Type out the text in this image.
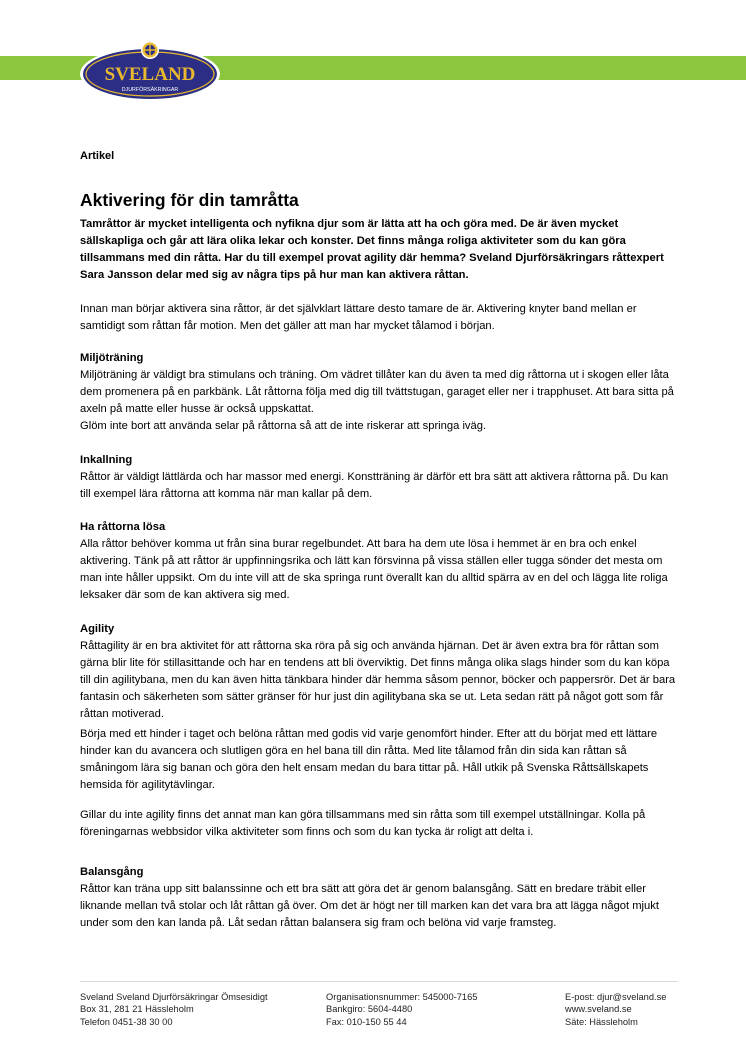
SVELAND
DJURFÖRSÄKRINGAR
Artikel
Aktivering för din tamråtta

Tamråttor är mycket intelligenta och nyfikna djur som är lätta att ha och göra med. De är även mycket sällskapliga och går att lära olika lekar och konster. Det finns många roliga aktiviteter som du kan göra tillsammans med din råtta. Har du till exempel provat agility där hemma? Sveland Djurförsäkringars råttexpert Sara Jansson delar med sig av några tips på hur man kan aktivera råttan.

Innan man börjar aktivera sina råttor, är det självklart lättare desto tamare de är. Aktivering knyter band mellan er samtidigt som råttan får motion. Men det gäller att man har mycket tålamod i början.

Miljöträning

Miljöträning är väldigt bra stimulans och träning. Om vädret tillåter kan du även ta med dig råttorna ut i skogen eller låta dem promenera på en parkbänk. Låt råttorna följa med dig till tvättstugan, garaget eller ner i trapphuset. Att bara sitta på axeln på matte eller husse är också uppskattat.

Glöm inte bort att använda selar på råttorna så att de inte riskerar att springa iväg.

Inkallning

Råttor är väldigt lättlärda och har massor med energi. Konstträning är därför ett bra sätt att aktivera råttorna på. Du kan till exempel lära råttorna att komma när man kallar på dem.

Ha råttorna lösa

Alla råttor behöver komma ut från sina burar regelbundet. Att bara ha dem ute lösa i hemmet är en bra och enkel aktivering. Tänk på att råttor är uppfinningsrika och lätt kan försvinna på vissa ställen eller tugga sönder det mesta om man inte håller uppsikt. Om du inte vill att de ska springa runt överallt kan du alltid spärra av en del och lägga lite roliga leksaker där som de kan aktivera sig med.

Agility

Råttagility är en bra aktivitet för att råttorna ska röra på sig och använda hjärnan. Det är även extra bra för råttan som gärna blir lite för stillasittande och har en tendens att bli överviktig. Det finns många olika slags hinder som du kan köpa till din agilitybana, men du kan även hitta tänkbara hinder där hemma såsom pennor, böcker och pappersrör. Det är bara fantasin och säkerheten som sätter gränser för hur just din agilitybana ska se ut. Leta sedan rätt på något gott som får råttan motiverad.

Börja med ett hinder i taget och belöna råttan med godis vid varje genomfört hinder. Efter att du börjat med ett lättare hinder kan du avancera och slutligen göra en hel bana till din råtta. Med lite tålamod från din sida kan råttan så småningom lära sig banan och göra den helt ensam medan du bara tittar på. Håll utkik på Svenska Råttsällskapets hemsida för agilitytävlingar.

Gillar du inte agility finns det annat man kan göra tillsammans med sin råtta som till exempel utställningar. Kolla på föreningarnas webbsidor vilka aktiviteter som finns och som du kan tycka är roligt att delta i.

Balansgång

Råttor kan träna upp sitt balanssinne och ett bra sätt att göra det är genom balansgång. Sätt en bredare träbit eller liknande mellan två stolar och låt råttan gå över. Om det är högt ner till marken kan det vara bra att lägga något mjukt under som den kan landa på. Låt sedan råttan balansera sig fram och belöna vid varje framsteg.

Sveland Sveland Djurförsäkringar Ömsesidigt
Box 31, 281 21 Hässleholm
Telefon 0451-38 30 00
Organisationsnummer: 545000-7165
Bankgiro: 5604-4480
Fax: 010-150 55 44
E-post: djur@sveland.se
www.sveland.se
Säte: Hässleholm
